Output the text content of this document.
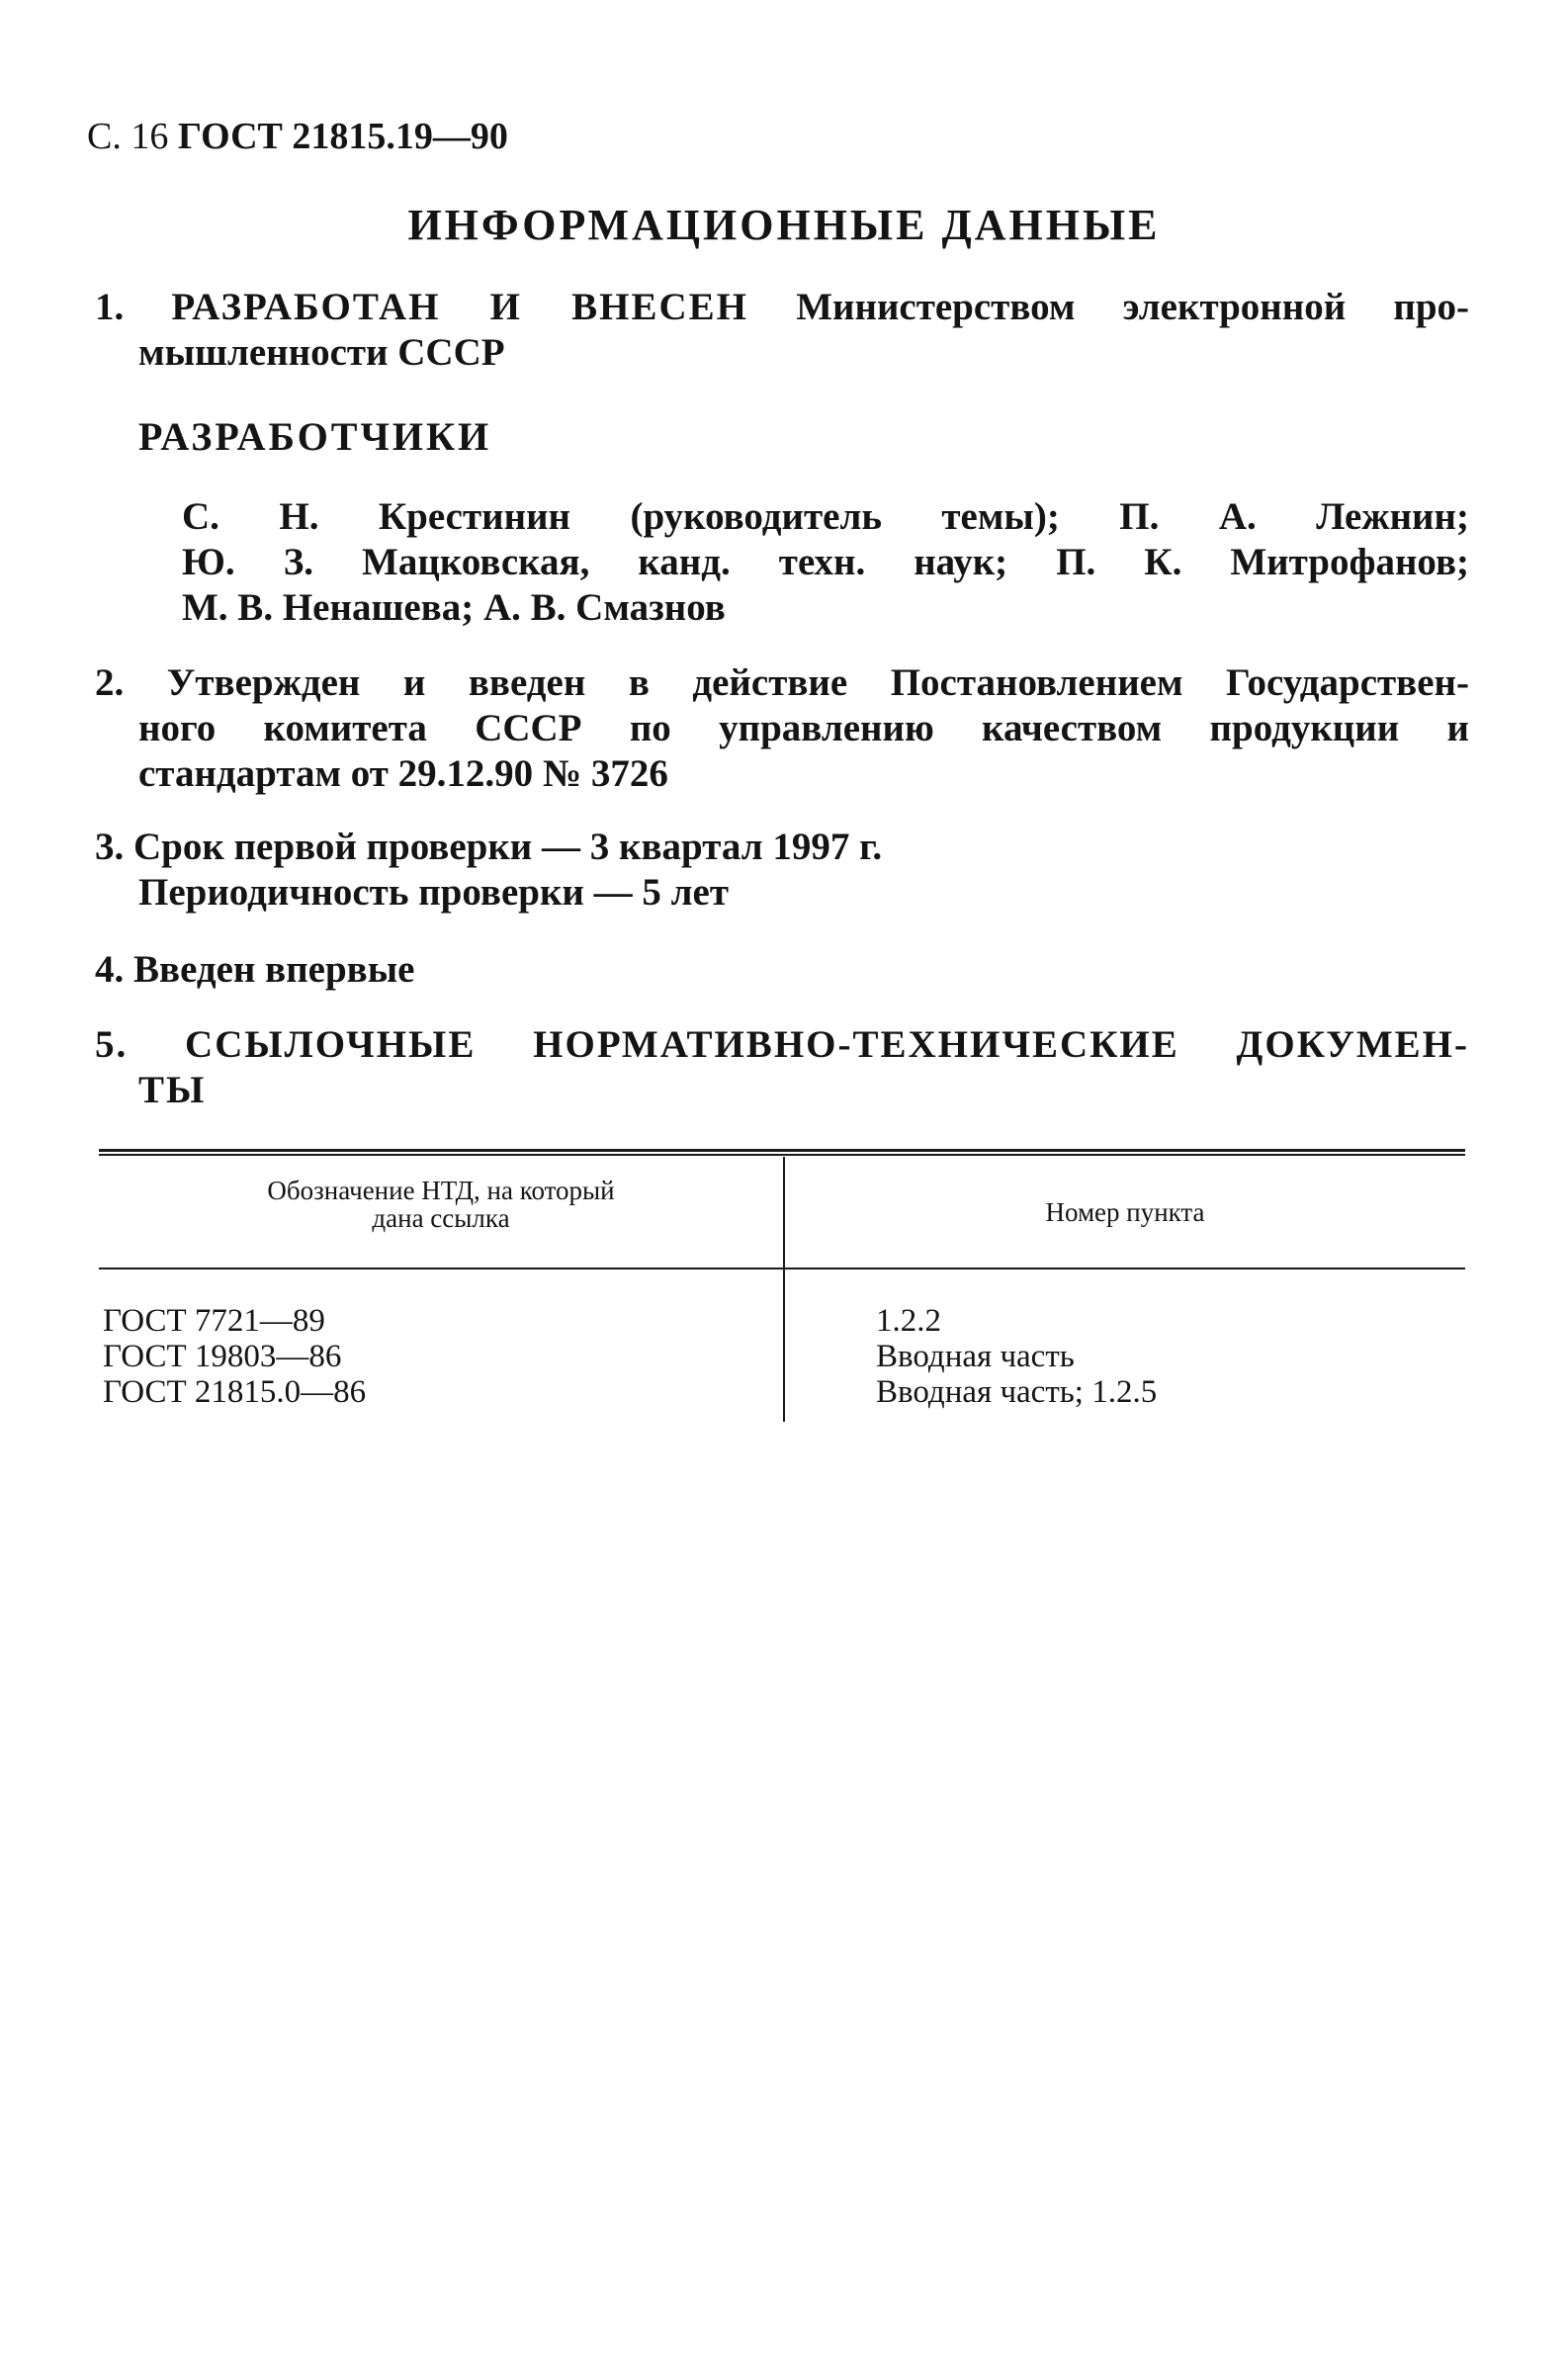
С. 16 ГОСТ 21815.19—90
ИНФОРМАЦИОННЫЕ ДАННЫЕ
1. РАЗРАБОТАН И ВНЕСЕН Министерством электронной про-
мышленности СССР
РАЗРАБОТЧИКИ
С. Н. Крестинин (руководитель темы); П. А. Лежнин;
Ю. З. Мацковская, канд. техн. наук; П. К. Митрофанов;
М. В. Ненашева; А. В. Смазнов
2. Утвержден и введен в действие Постановлением Государствен-
ного комитета СССР по управлению качеством продукции и
стандартам от 29.12.90 № 3726
3. Срок первой проверки — 3 квартал 1997 г.
Периодичность проверки — 5 лет
4. Введен впервые
5. ССЫЛОЧНЫЕ НОРМАТИВНО-ТЕХНИЧЕСКИЕ ДОКУМЕН-
ТЫ
Обозначение НТД, на который
дана ссылка	Номер пункта
ГОСТ 7721—89
ГОСТ 19803—86
ГОСТ 21815.0—86
1.2.2
Вводная часть
Вводная часть; 1.2.5
